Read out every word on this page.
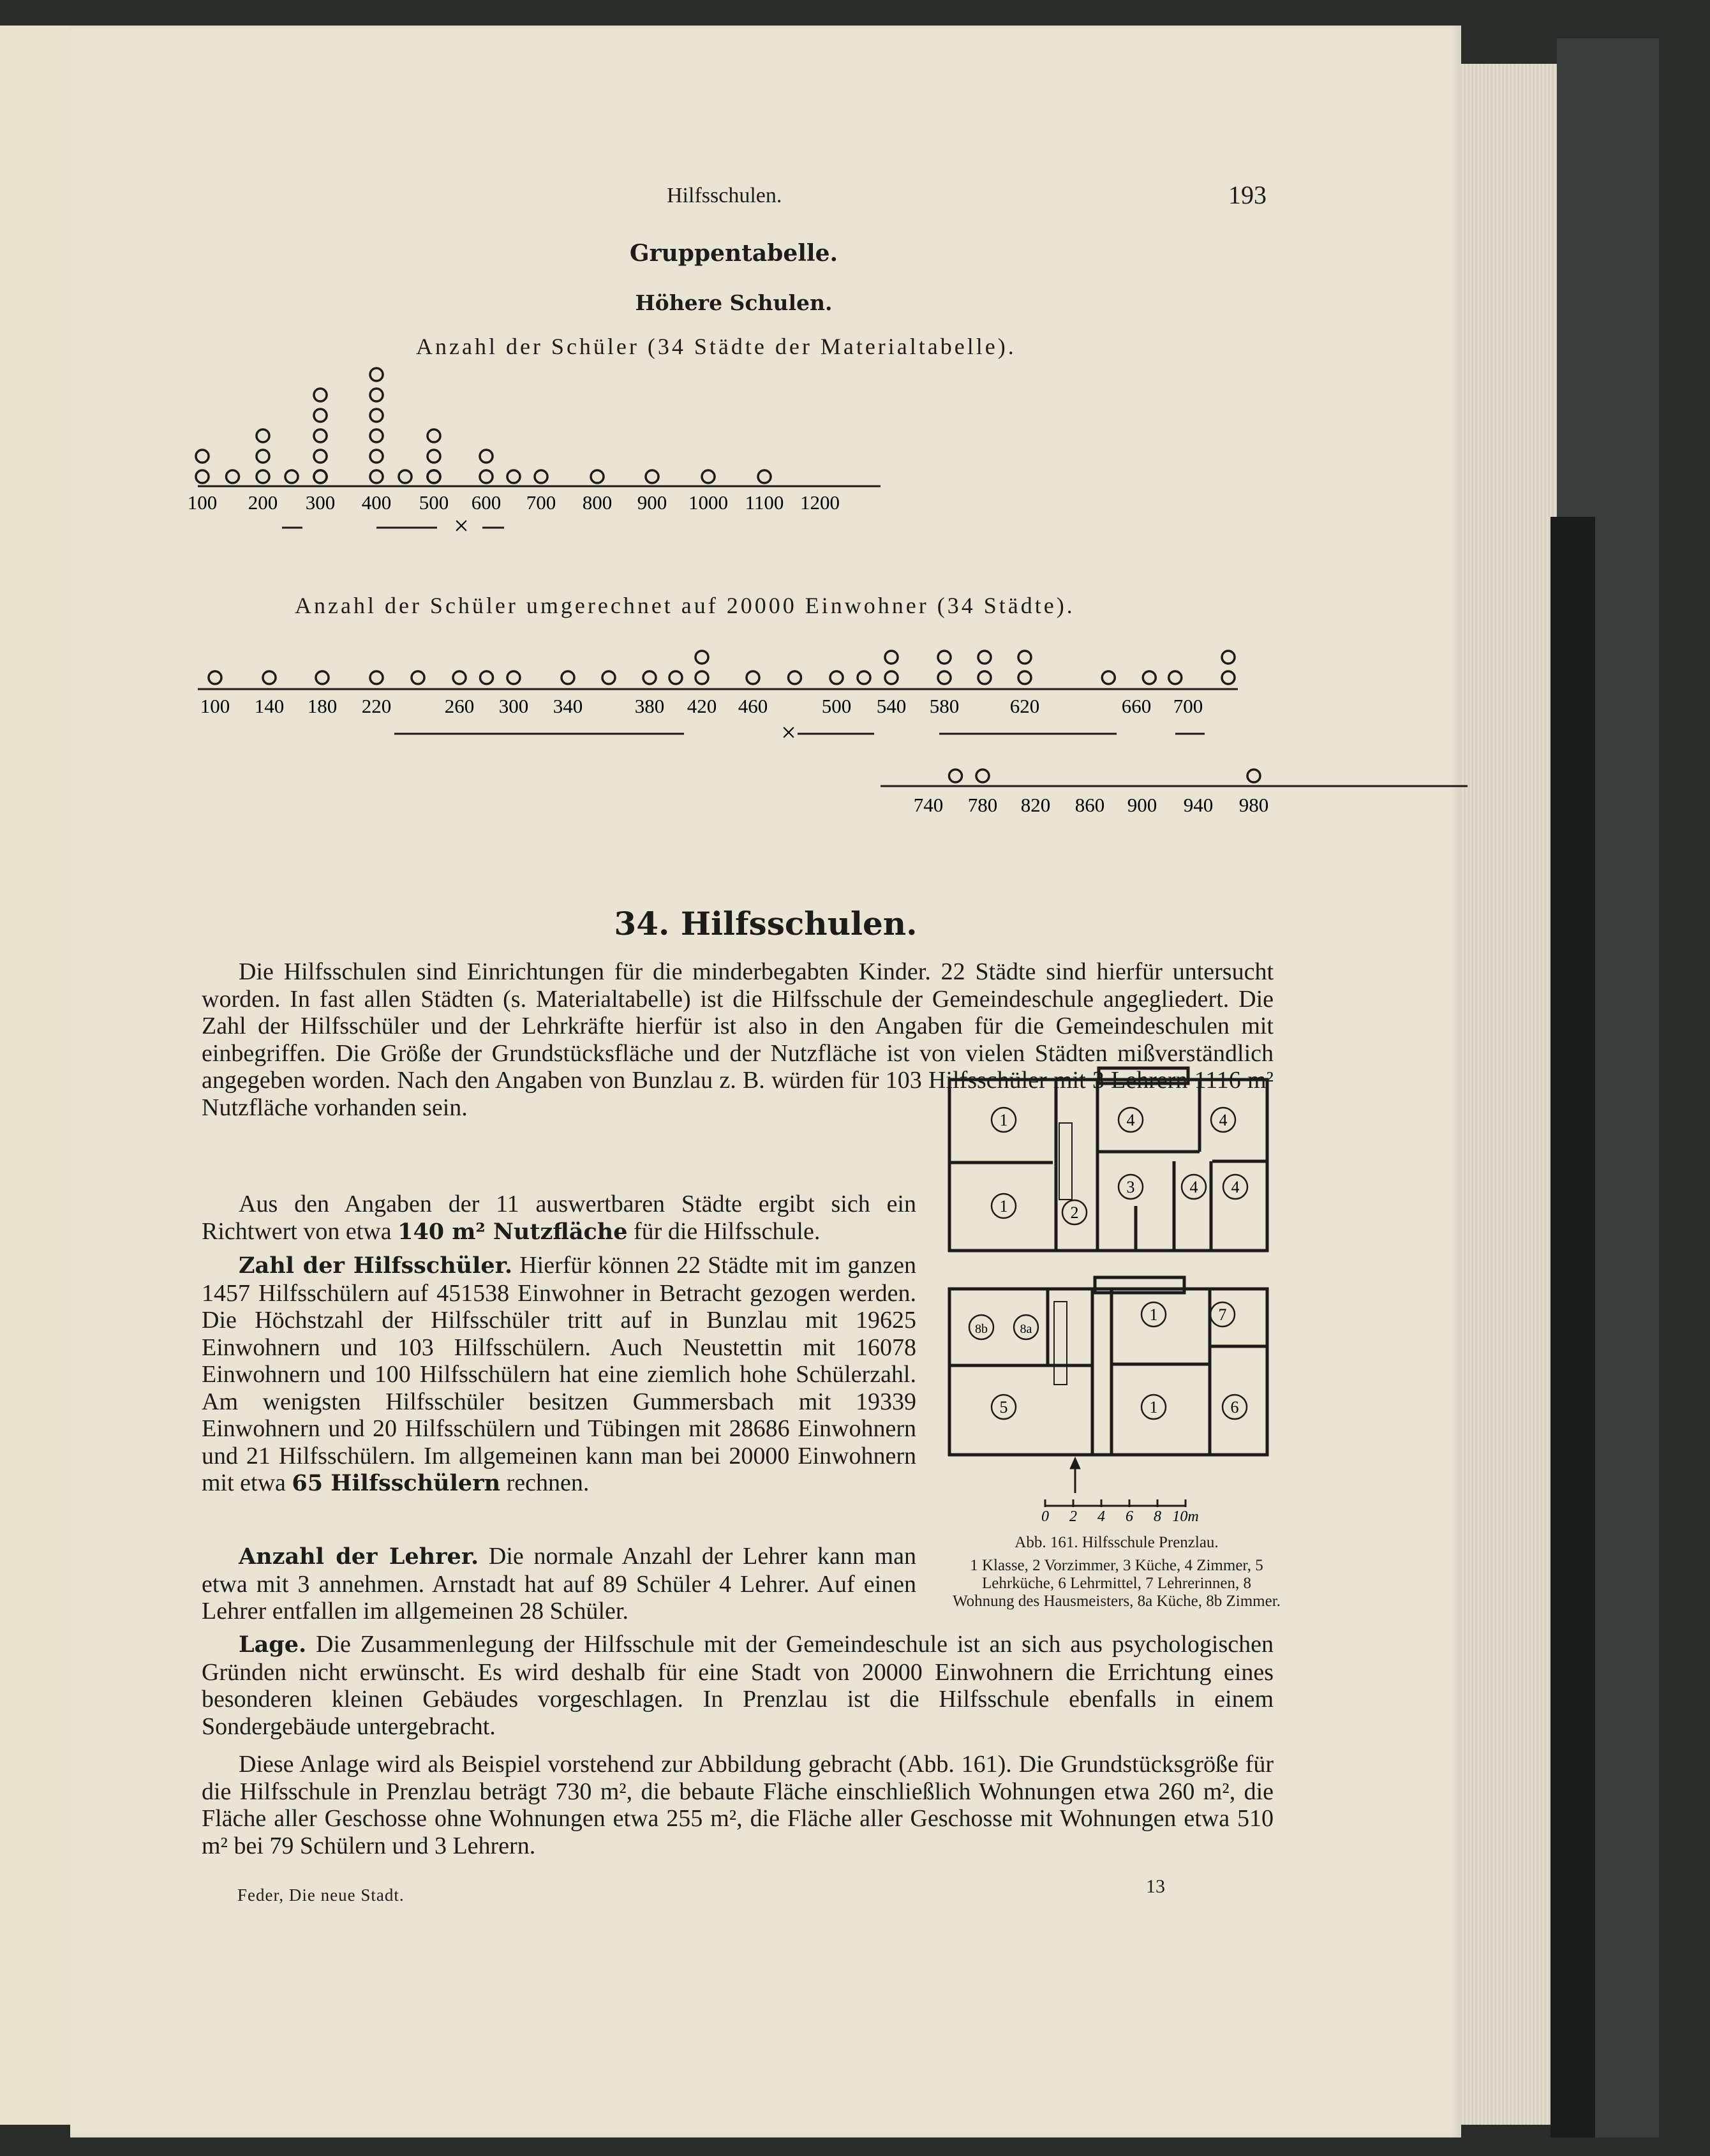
Hilfsschulen.	193

Gruppentabelle.

Höhere Schulen.

Anzahl der Schüler (34 Städte der Materialtabelle).

100 200 300 400 500 600 700 800 900 1000 1100 1200
×

Anzahl der Schüler umgerechnet auf 20000 Einwohner (34 Städte).

100 140 180 220	260 300 340	380 420 460	500 540 580	620	660 700
740 780 820 860 900 940 980
×

34. Hilfsschulen.

Die Hilfsschulen sind Einrichtungen für die minderbegabten Kinder. 22 Städte sind hierfür untersucht worden. In fast allen Städten (s. Materialtabelle) ist die Hilfsschule der Gemeindeschule angegliedert. Die Zahl der Hilfsschüler und der Lehrkräfte hierfür ist also in den Angaben für die Gemeindeschulen mit einbegriffen. Die Größe der Grundstücksfläche und der Nutzfläche ist von vielen Städten mißverständlich angegeben worden. Nach den Angaben von Bunzlau z. B. würden für 103 Hilfsschüler mit 3 Lehrern 1116 m² Nutzfläche vorhanden sein.

Aus den Angaben der 11 auswertbaren Städte ergibt sich ein Richtwert von etwa 140 m² Nutzfläche für die Hilfsschule.

Zahl der Hilfsschüler. Hierfür können 22 Städte mit im ganzen 1457 Hilfsschülern auf 451538 Einwohner in Betracht gezogen werden. Die Höchstzahl der Hilfsschüler tritt auf in Bunzlau mit 19625 Einwohnern und 103 Hilfsschülern. Auch Neustettin mit 16078 Einwohnern und 100 Hilfsschülern hat eine ziemlich hohe Schülerzahl. Am wenigsten Hilfsschüler besitzen Gummersbach mit 19339 Einwohnern und 20 Hilfsschülern und Tübingen mit 28686 Einwohnern und 21 Hilfsschülern. Im allgemeinen kann man bei 20000 Einwohnern mit etwa 65 Hilfsschülern rechnen.

Anzahl der Lehrer. Die normale Anzahl der Lehrer kann man etwa mit 3 annehmen. Arnstadt hat auf 89 Schüler 4 Lehrer. Auf einen Lehrer entfallen im allgemeinen 28 Schüler.

Lage. Die Zusammenlegung der Hilfsschule mit der Gemeindeschule ist an sich aus psychologischen Gründen nicht erwünscht. Es wird deshalb für eine Stadt von 20000 Einwohnern die Errichtung eines besonderen kleinen Gebäudes vorgeschlagen. In Prenzlau ist die Hilfsschule ebenfalls in einem Sondergebäude untergebracht.

Diese Anlage wird als Beispiel vorstehend zur Abbildung gebracht (Abb. 161). Die Grundstücksgröße für die Hilfsschule in Prenzlau beträgt 730 m², die bebaute Fläche einschließlich Wohnungen etwa 260 m², die Fläche aller Geschosse ohne Wohnungen etwa 255 m², die Fläche aller Geschosse mit Wohnungen etwa 510 m² bei 79 Schülern und 3 Lehrern.

0 2 4 6 8 10m
1
1	2
4	4
3	4 4
8b	8a
1	7
5	1	6

Abb. 161. Hilfsschule Prenzlau.

1 Klasse, 2 Vorzimmer, 3 Küche, 4 Zimmer, 5 Lehrküche, 6 Lehrmittel, 7 Lehrerinnen, 8 Wohnung des Hausmeisters, 8a Küche, 8b Zimmer.

Feder, Die neue Stadt.	13
